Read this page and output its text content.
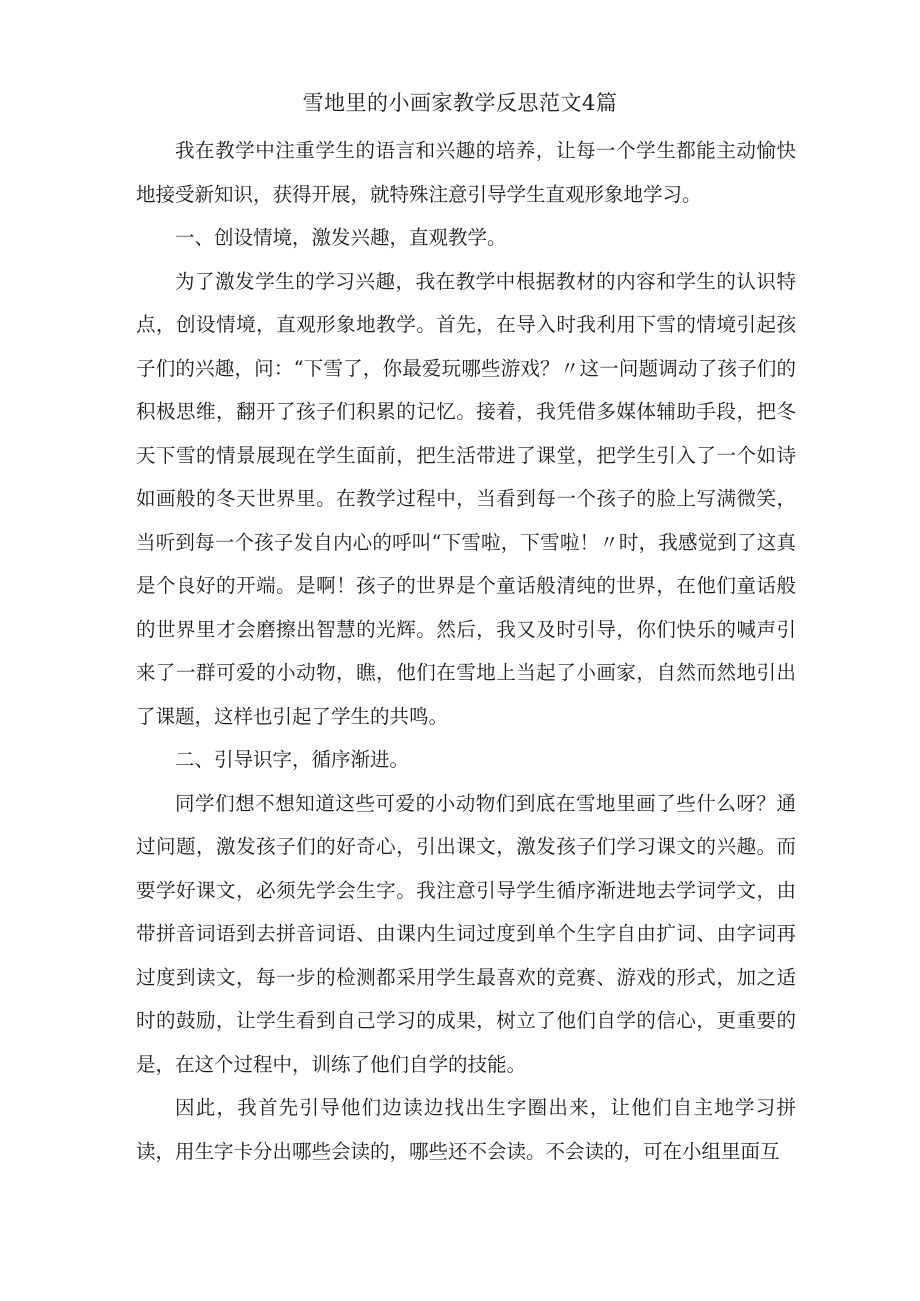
雪地里的小画家教学反思范文4篇

我在教学中注重学生的语言和兴趣的培养，让每一个学生都能主动愉快地接受新知识，获得开展，就特殊注意引导学生直观形象地学习。

一、创设情境，激发兴趣，直观教学。

为了激发学生的学习兴趣，我在教学中根据教材的内容和学生的认识特点，创设情境，直观形象地教学。首先，在导入时我利用下雪的情境引起孩子们的兴趣，问：“下雪了，你最爱玩哪些游戏？〃这一问题调动了孩子们的积极思维，翻开了孩子们积累的记忆。接着，我凭借多媒体辅助手段，把冬天下雪的情景展现在学生面前，把生活带进了课堂，把学生引入了一个如诗如画般的冬天世界里。在教学过程中，当看到每一个孩子的脸上写满微笑，当听到每一个孩子发自内心的呼叫“下雪啦，下雪啦！〃时，我感觉到了这真是个良好的开端。是啊！孩子的世界是个童话般清纯的世界，在他们童话般的世界里才会磨擦出智慧的光辉。然后，我又及时引导，你们快乐的喊声引来了一群可爱的小动物，瞧，他们在雪地上当起了小画家，自然而然地引出了课题，这样也引起了学生的共鸣。

二、引导识字，循序渐进。

同学们想不想知道这些可爱的小动物们到底在雪地里画了些什么呀？通过问题，激发孩子们的好奇心，引出课文，激发孩子们学习课文的兴趣。而要学好课文，必须先学会生字。我注意引导学生循序渐进地去学词学文，由带拼音词语到去拼音词语、由课内生词过度到单个生字自由扩词、由字词再过度到读文，每一步的检测都采用学生最喜欢的竞赛、游戏的形式，加之适时的鼓励，让学生看到自己学习的成果，树立了他们自学的信心，更重要的是，在这个过程中，训练了他们自学的技能。

因此，我首先引导他们边读边找出生字圈出来，让他们自主地学习拼读，用生字卡分出哪些会读的，哪些还不会读。不会读的，可在小组里面互
